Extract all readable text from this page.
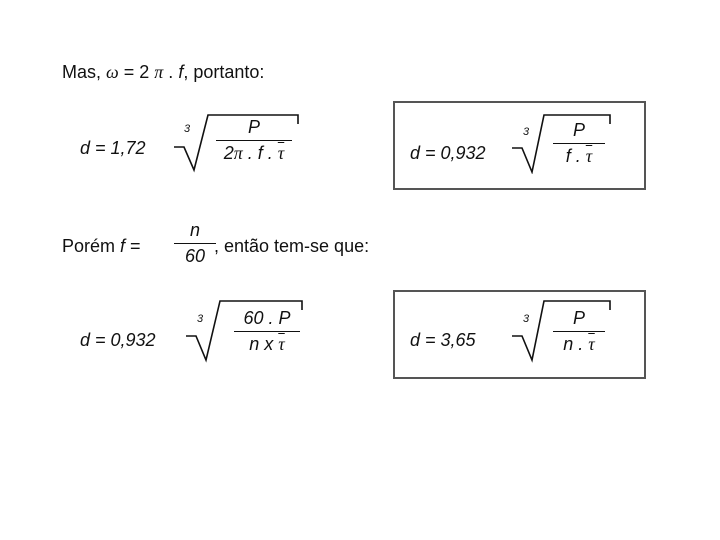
Mas, ω = 2 π . f, portanto:
d = 1,72
3	P
2π . f . $\overline{\tau}$	d = 0,932
3	P
f . $\overline{\tau}$
Porém f =
n
60 , então tem-se que:
d = 0,932
3	60 . P
n x $\overline{\tau}$	d = 3,65
3	P
n . $\overline{\tau}$
